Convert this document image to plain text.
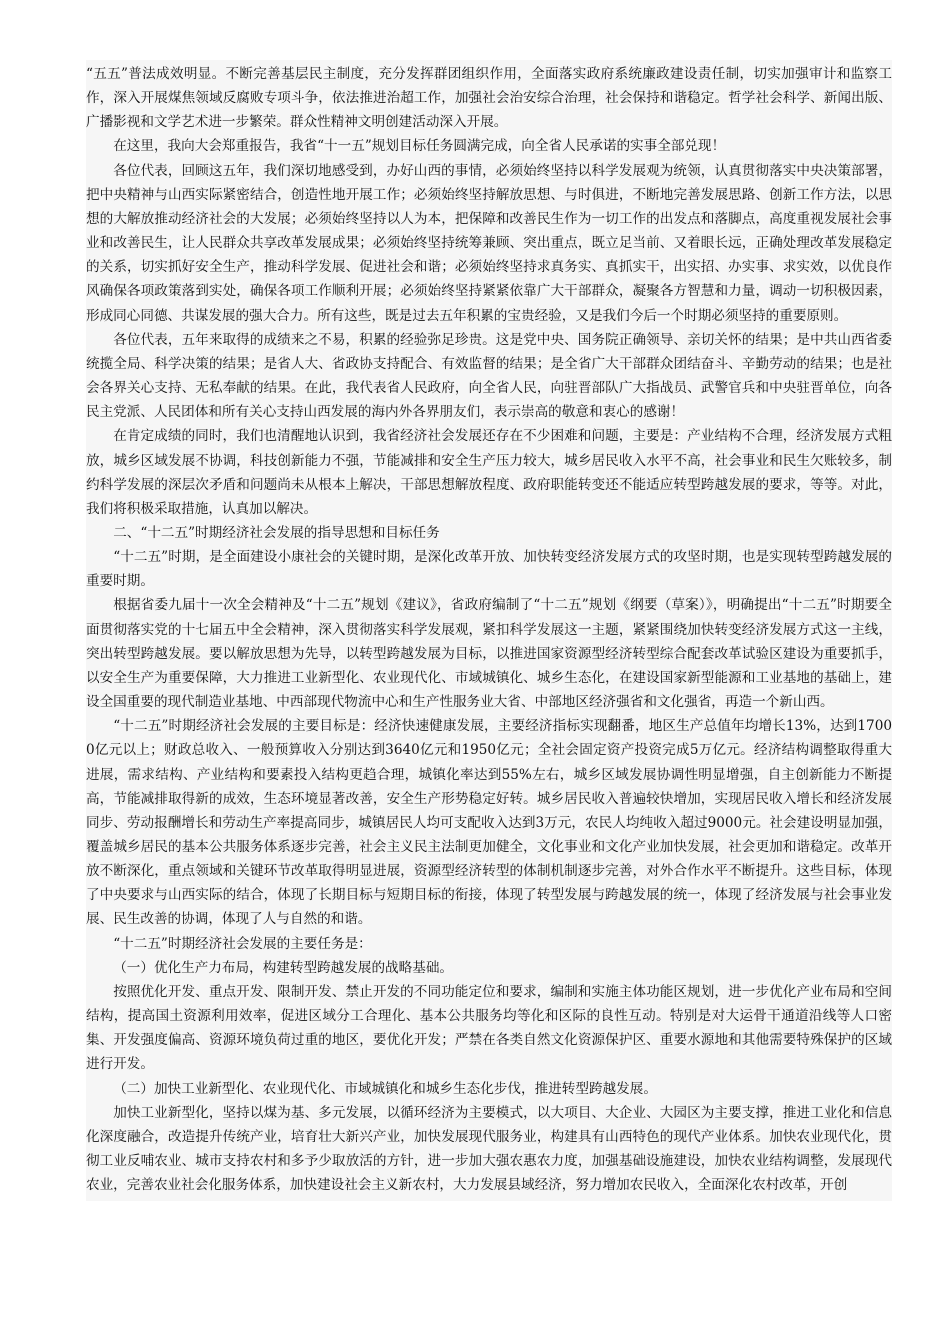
“五五”普法成效明显。不断完善基层民主制度，充分发挥群团组织作用，全面落实政府系统廉政建设责任制，切实加强审计和监察工作，深入开展煤焦领域反腐败专项斗争，依法推进治超工作，加强社会治安综合治理，社会保持和谐稳定。哲学社会科学、新闻出版、广播影视和文学艺术进一步繁荣。群众性精神文明创建活动深入开展。

在这里，我向大会郑重报告，我省“十一五”规划目标任务圆满完成，向全省人民承诺的实事全部兑现！

各位代表，回顾这五年，我们深切地感受到，办好山西的事情，必须始终坚持以科学发展观为统领，认真贯彻落实中央决策部署，把中央精神与山西实际紧密结合，创造性地开展工作；必须始终坚持解放思想、与时俱进，不断地完善发展思路、创新工作方法，以思想的大解放推动经济社会的大发展；必须始终坚持以人为本，把保障和改善民生作为一切工作的出发点和落脚点，高度重视发展社会事业和改善民生，让人民群众共享改革发展成果；必须始终坚持统筹兼顾、突出重点，既立足当前、又着眼长远，正确处理改革发展稳定的关系，切实抓好安全生产，推动科学发展、促进社会和谐；必须始终坚持求真务实、真抓实干，出实招、办实事、求实效，以优良作风确保各项政策落到实处，确保各项工作顺利开展；必须始终坚持紧紧依靠广大干部群众，凝聚各方智慧和力量，调动一切积极因素，形成同心同德、共谋发展的强大合力。所有这些，既是过去五年积累的宝贵经验，又是我们今后一个时期必须坚持的重要原则。

各位代表，五年来取得的成绩来之不易，积累的经验弥足珍贵。这是党中央、国务院正确领导、亲切关怀的结果；是中共山西省委统揽全局、科学决策的结果；是省人大、省政协支持配合、有效监督的结果；是全省广大干部群众团结奋斗、辛勤劳动的结果；也是社会各界关心支持、无私奉献的结果。在此，我代表省人民政府，向全省人民，向驻晋部队广大指战员、武警官兵和中央驻晋单位，向各民主党派、人民团体和所有关心支持山西发展的海内外各界朋友们，表示崇高的敬意和衷心的感谢！

在肯定成绩的同时，我们也清醒地认识到，我省经济社会发展还存在不少困难和问题，主要是：产业结构不合理，经济发展方式粗放，城乡区域发展不协调，科技创新能力不强，节能减排和安全生产压力较大，城乡居民收入水平不高，社会事业和民生欠账较多，制约科学发展的深层次矛盾和问题尚未从根本上解决，干部思想解放程度、政府职能转变还不能适应转型跨越发展的要求，等等。对此，我们将积极采取措施，认真加以解决。

二、“十二五”时期经济社会发展的指导思想和目标任务

“十二五”时期，是全面建设小康社会的关键时期，是深化改革开放、加快转变经济发展方式的攻坚时期，也是实现转型跨越发展的重要时期。

根据省委九届十一次全会精神及“十二五”规划《建议》，省政府编制了“十二五”规划《纲要（草案）》，明确提出“十二五”时期要全面贯彻落实党的十七届五中全会精神，深入贯彻落实科学发展观，紧扣科学发展这一主题，紧紧围绕加快转变经济发展方式这一主线，突出转型跨越发展。要以解放思想为先导，以转型跨越发展为目标，以推进国家资源型经济转型综合配套改革试验区建设为重要抓手，以安全生产为重要保障，大力推进工业新型化、农业现代化、市域城镇化、城乡生态化，在建设国家新型能源和工业基地的基础上，建设全国重要的现代制造业基地、中西部现代物流中心和生产性服务业大省、中部地区经济强省和文化强省，再造一个新山西。

“十二五”时期经济社会发展的主要目标是：经济快速健康发展，主要经济指标实现翻番，地区生产总值年均增长13%，达到17000亿元以上；财政总收入、一般预算收入分别达到3640亿元和1950亿元；全社会固定资产投资完成5万亿元。经济结构调整取得重大进展，需求结构、产业结构和要素投入结构更趋合理，城镇化率达到55%左右，城乡区域发展协调性明显增强，自主创新能力不断提高，节能减排取得新的成效，生态环境显著改善，安全生产形势稳定好转。城乡居民收入普遍较快增加，实现居民收入增长和经济发展同步、劳动报酬增长和劳动生产率提高同步，城镇居民人均可支配收入达到3万元，农民人均纯收入超过9000元。社会建设明显加强，覆盖城乡居民的基本公共服务体系逐步完善，社会主义民主法制更加健全，文化事业和文化产业加快发展，社会更加和谐稳定。改革开放不断深化，重点领域和关键环节改革取得明显进展，资源型经济转型的体制机制逐步完善，对外合作水平不断提升。这些目标，体现了中央要求与山西实际的结合，体现了长期目标与短期目标的衔接，体现了转型发展与跨越发展的统一，体现了经济发展与社会事业发展、民生改善的协调，体现了人与自然的和谐。

“十二五”时期经济社会发展的主要任务是：

（一）优化生产力布局，构建转型跨越发展的战略基础。

按照优化开发、重点开发、限制开发、禁止开发的不同功能定位和要求，编制和实施主体功能区规划，进一步优化产业布局和空间结构，提高国土资源利用效率，促进区域分工合理化、基本公共服务均等化和区际的良性互动。特别是对大运骨干通道沿线等人口密集、开发强度偏高、资源环境负荷过重的地区，要优化开发；严禁在各类自然文化资源保护区、重要水源地和其他需要特殊保护的区域进行开发。

（二）加快工业新型化、农业现代化、市域城镇化和城乡生态化步伐，推进转型跨越发展。

加快工业新型化，坚持以煤为基、多元发展，以循环经济为主要模式，以大项目、大企业、大园区为主要支撑，推进工业化和信息化深度融合，改造提升传统产业，培育壮大新兴产业，加快发展现代服务业，构建具有山西特色的现代产业体系。加快农业现代化，贯彻工业反哺农业、城市支持农村和多予少取放活的方针，进一步加大强农惠农力度，加强基础设施建设，加快农业结构调整，发展现代农业，完善农业社会化服务体系，加快建设社会主义新农村，大力发展县域经济，努力增加农民收入，全面深化农村改革，开创
